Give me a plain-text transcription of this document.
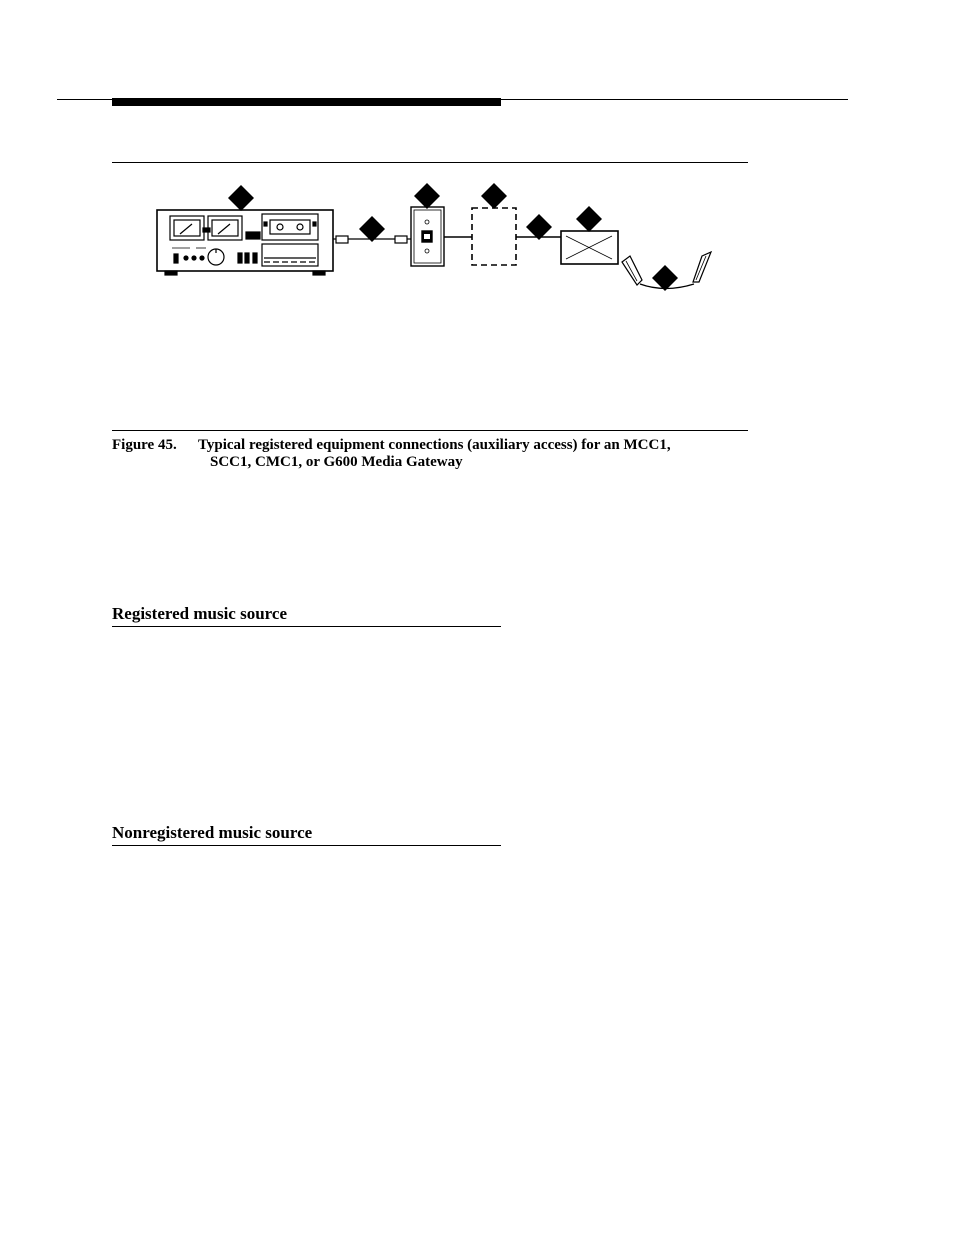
Figure 45. Typical registered equipment connections (auxiliary access) for an MCC1,
SCC1, CMC1, or G600 Media Gateway
Registered music source
Nonregistered music source
